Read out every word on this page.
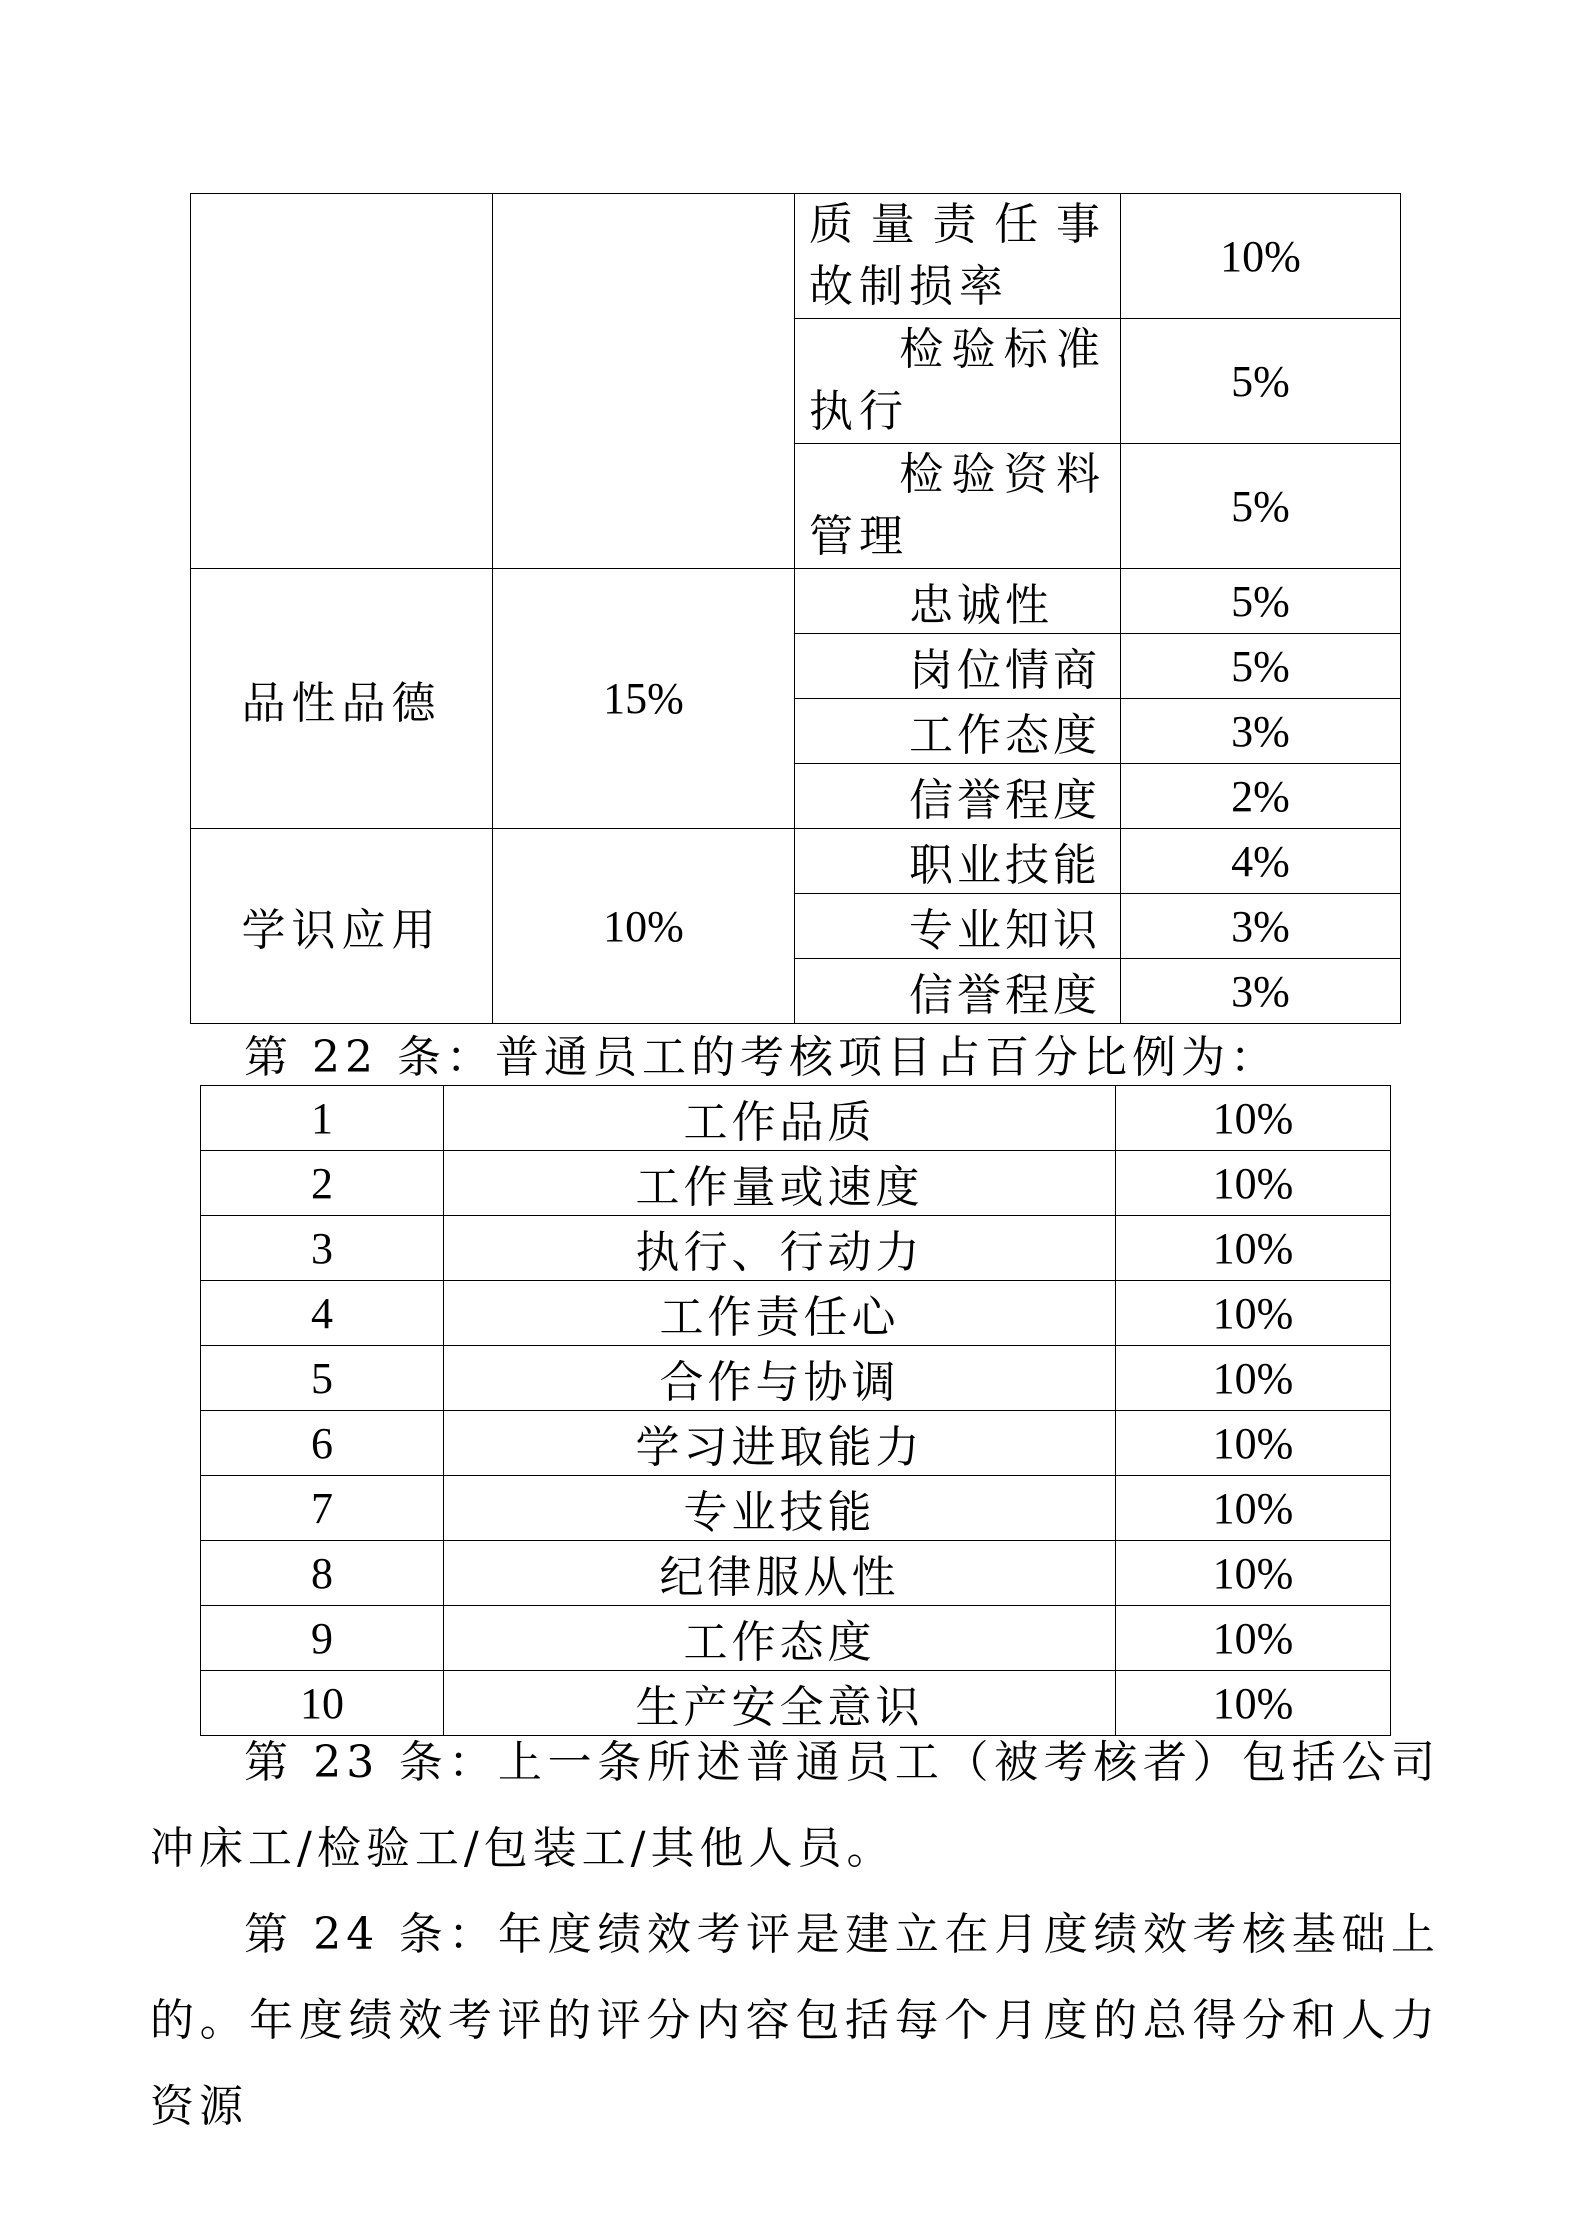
		质量责任事故制损率	10%
		检验标准执行	5%
		检验资料管理	5%
品性品德	15%	忠诚性	5%
		岗位情商	5%
		工作态度	3%
		信誉程度	2%
学识应用	10%	职业技能	4%
		专业知识	3%
		信誉程度	3%

第 22 条：普通员工的考核项目占百分比例为：

1	工作品质	10%
2	工作量或速度	10%
3	执行、行动力	10%
4	工作责任心	10%
5	合作与协调	10%
6	学习进取能力	10%
7	专业技能	10%
8	纪律服从性	10%
9	工作态度	10%
10	生产安全意识	10%

第 23 条：上一条所述普通员工（被考核者）包括公司冲床工/检验工/包装工/其他人员。

第 24 条：年度绩效考评是建立在月度绩效考核基础上的。年度绩效考评的评分内容包括每个月度的总得分和人力资源
